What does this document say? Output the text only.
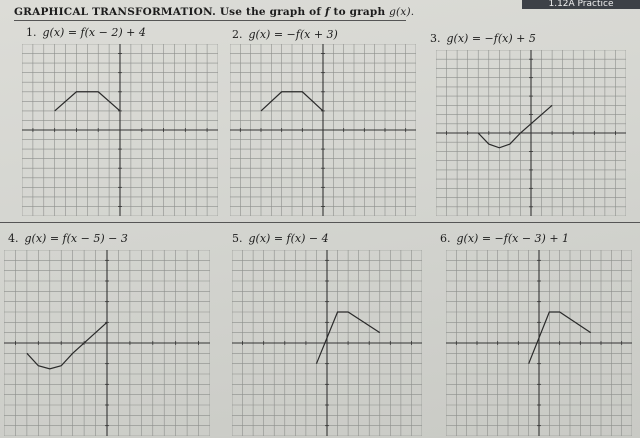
1.12A Practice
GRAPHICAL TRANSFORMATION. Use the graph of f to graph g(x).
1. g(x) = f(x − 2) + 4	2. g(x) = −f(x + 3)	3. g(x) = −f(x) + 5
4. g(x) = f(x − 5) − 3	5. g(x) = f(x) − 4	6. g(x) = −f(x − 3) + 1
